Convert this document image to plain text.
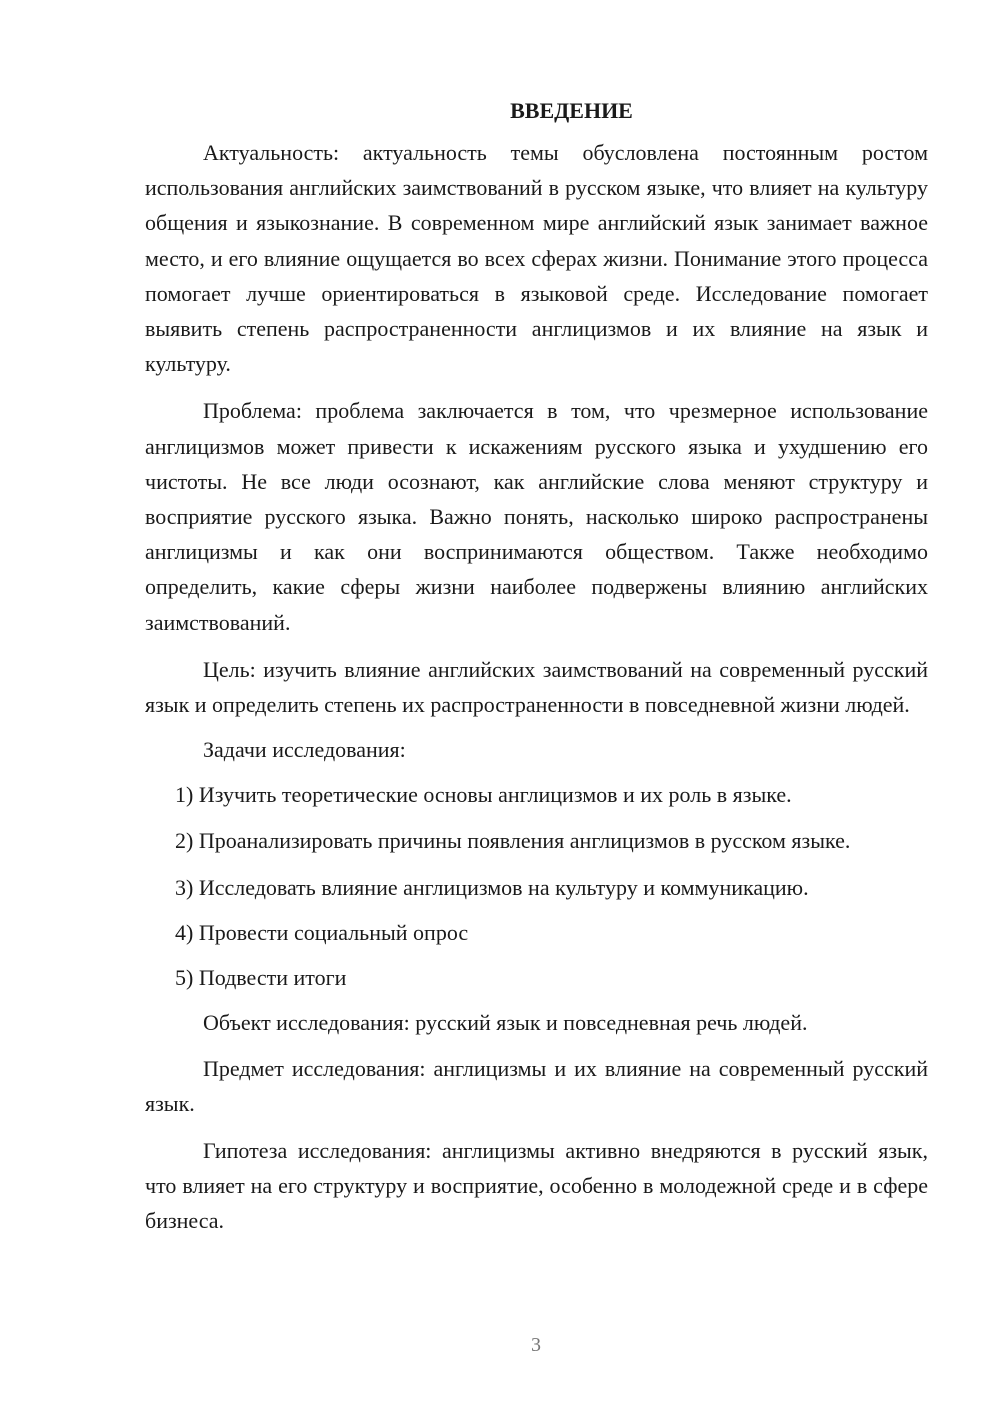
ВВЕДЕНИЕ

Актуальность: актуальность темы обусловлена постоянным ростом использования английских заимствований в русском языке, что влияет на культуру общения и языкознание. В современном мире английский язык занимает важное место, и его влияние ощущается во всех сферах жизни. Понимание этого процесса помогает лучше ориентироваться в языковой среде. Исследование помогает выявить степень распространенности англицизмов и их влияние на язык и культуру.

Проблема: проблема заключается в том, что чрезмерное использование англицизмов может привести к искажениям русского языка и ухудшению его чистоты. Не все люди осознают, как английские слова меняют структуру и восприятие русского языка. Важно понять, насколько широко распространены англицизмы и как они воспринимаются обществом. Также необходимо определить, какие сферы жизни наиболее подвержены влиянию английских заимствований.

Цель: изучить влияние английских заимствований на современный русский язык и определить степень их распространенности в повседневной жизни людей.

Задачи исследования:

1) Изучить теоретические основы англицизмов и их роль в языке.

2) Проанализировать причины появления англицизмов в русском языке.

3) Исследовать влияние англицизмов на культуру и коммуникацию.

4) Провести социальный опрос

5) Подвести итоги

Объект исследования: русский язык и повседневная речь людей.

Предмет исследования: англицизмы и их влияние на современный русский язык.

Гипотеза исследования: англицизмы активно внедряются в русский язык, что влияет на его структуру и восприятие, особенно в молодежной среде и в сфере бизнеса.

3
